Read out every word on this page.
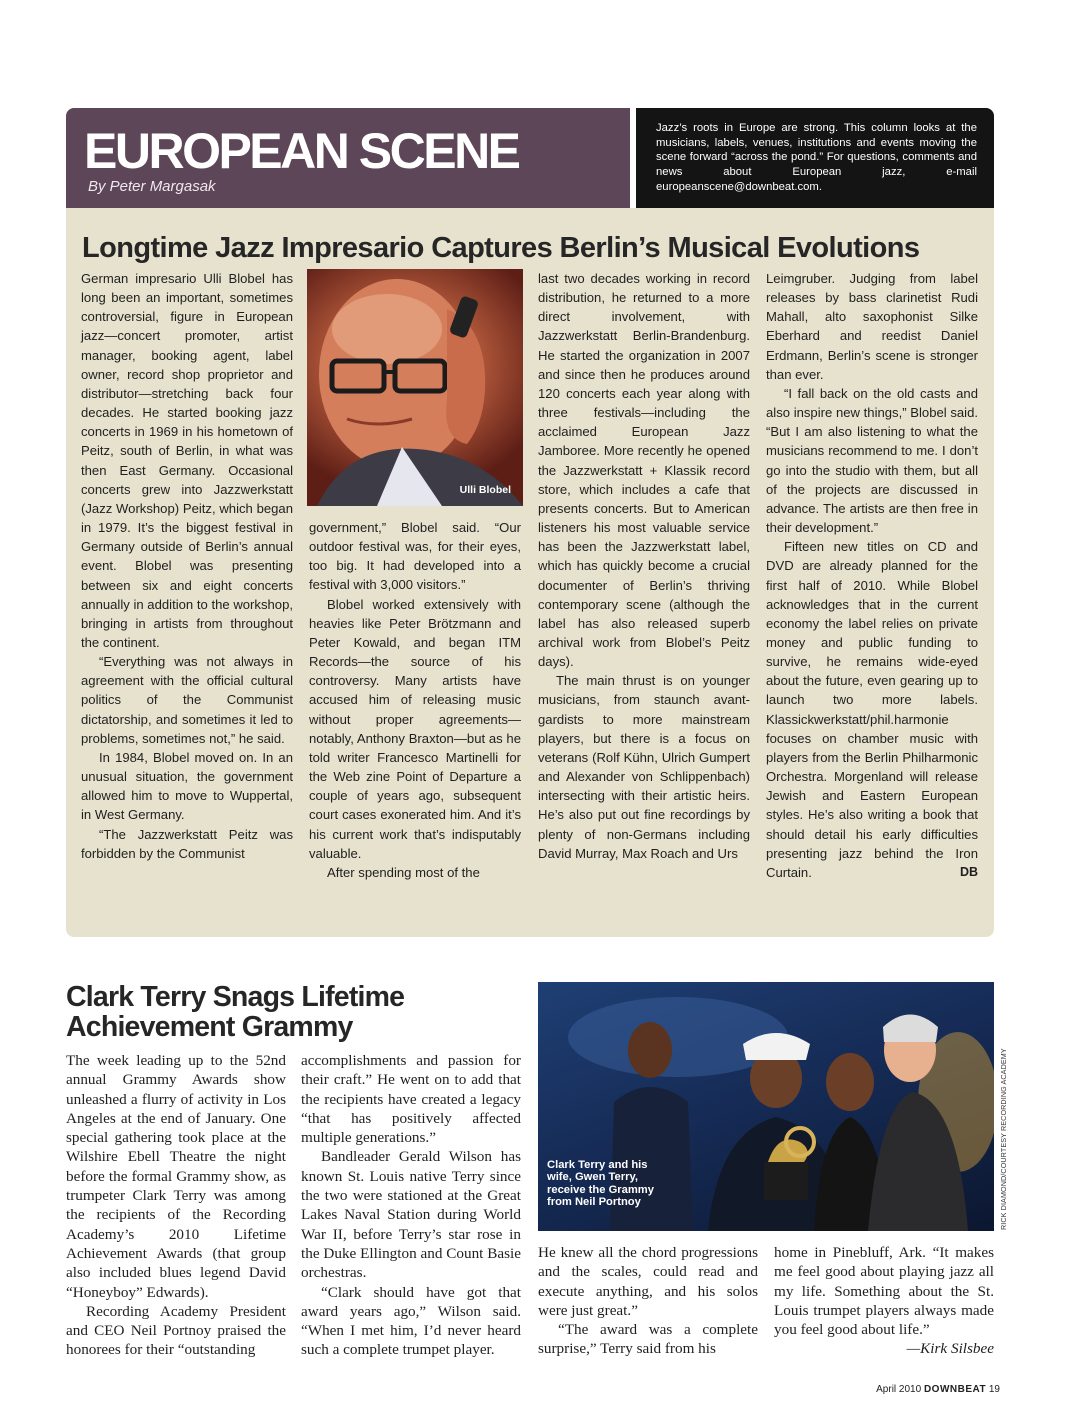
EUROPEAN SCENE
By Peter Margasak

Jazz’s roots in Europe are strong. This column looks at the musicians, labels, venues, institutions and events moving the scene forward “across the pond.” For questions, comments and news about European jazz, e-mail europeanscene@downbeat.com.

Longtime Jazz Impresario Captures Berlin’s Musical Evolutions

German impresario Ulli Blobel has long been an important, sometimes controversial, figure in European jazz—concert promoter, artist manager, booking agent, label owner, record shop proprietor and distributor—stretching back four decades. He started booking jazz concerts in 1969 in his hometown of Peitz, south of Berlin, in what was then East Germany. Occasional concerts grew into Jazzwerkstatt (Jazz Workshop) Peitz, which began in 1979. It’s the biggest festival in Germany outside of Berlin’s annual event. Blobel was presenting between six and eight concerts annually in addition to the workshop, bringing in artists from throughout the continent.

“Everything was not always in agreement with the official cultural politics of the Communist dictatorship, and sometimes it led to problems, sometimes not,” he said.

In 1984, Blobel moved on. In an unusual situation, the government allowed him to move to Wuppertal, in West Germany.

“The Jazzwerkstatt Peitz was forbidden by the Communist

Ulli Blobel

government,” Blobel said. “Our outdoor festival was, for their eyes, too big. It had developed into a festival with 3,000 visitors.”

Blobel worked extensively with heavies like Peter Brötzmann and Peter Kowald, and began ITM Records—the source of his controversy. Many artists have accused him of releasing music without proper agreements—notably, Anthony Braxton—but as he told writer Francesco Martinelli for the Web zine Point of Departure a couple of years ago, subsequent court cases exonerated him. And it’s his current work that’s indisputably valuable.

After spending most of the

last two decades working in record distribution, he returned to a more direct involvement, with Jazzwerkstatt Berlin-Brandenburg. He started the organization in 2007 and since then he produces around 120 concerts each year along with three festivals—including the acclaimed European Jazz Jamboree. More recently he opened the Jazzwerkstatt + Klassik record store, which includes a cafe that presents concerts. But to American listeners his most valuable service has been the Jazzwerkstatt label, which has quickly become a crucial documenter of Berlin’s thriving contemporary scene (although the label has also released superb archival work from Blobel’s Peitz days).

The main thrust is on younger musicians, from staunch avant-gardists to more mainstream players, but there is a focus on veterans (Rolf Kühn, Ulrich Gumpert and Alexander von Schlippenbach) intersecting with their artistic heirs. He’s also put out fine recordings by plenty of non-Germans including David Murray, Max Roach and Urs

Leimgruber. Judging from label releases by bass clarinetist Rudi Mahall, alto saxophonist Silke Eberhard and reedist Daniel Erdmann, Berlin’s scene is stronger than ever.

“I fall back on the old casts and also inspire new things,” Blobel said. “But I am also listening to what the musicians recommend to me. I don’t go into the studio with them, but all of the projects are discussed in advance. The artists are then free in their development.”

Fifteen new titles on CD and DVD are already planned for the first half of 2010. While Blobel acknowledges that in the current economy the label relies on private money and public funding to survive, he remains wide-eyed about the future, even gearing up to launch two more labels. Klassickwerkstatt/phil.harmonie focuses on chamber music with players from the Berlin Philharmonic Orchestra. Morgenland will release Jewish and Eastern European styles. He’s also writing a book that should detail his early difficulties presenting jazz behind the Iron Curtain.	DB

Clark Terry Snags Lifetime Achievement Grammy

The week leading up to the 52nd annual Grammy Awards show unleashed a flurry of activity in Los Angeles at the end of January. One special gathering took place at the Wilshire Ebell Theatre the night before the formal Grammy show, as trumpeter Clark Terry was among the recipients of the Recording Academy’s 2010 Lifetime Achievement Awards (that group also included blues legend David “Honeyboy” Edwards).

Recording Academy President and CEO Neil Portnoy praised the honorees for their “outstanding

accomplishments and passion for their craft.” He went on to add that the recipients have created a legacy “that has positively affected multiple generations.”

Bandleader Gerald Wilson has known St. Louis native Terry since the two were stationed at the Great Lakes Naval Station during World War II, before Terry’s star rose in the Duke Ellington and Count Basie orchestras.

“Clark should have got that award years ago,” Wilson said. “When I met him, I’d never heard such a complete trumpet player.

Clark Terry and his wife, Gwen Terry, receive the Grammy from Neil Portnoy	RICK DIAMOND/COURTESY RECORDING ACADEMY

He knew all the chord progressions and the scales, could read and execute anything, and his solos were just great.”

“The award was a complete surprise,” Terry said from his

home in Pinebluff, Ark. “It makes me feel good about playing jazz all my life. Something about the St. Louis trumpet players always made you feel good about life.”

—Kirk Silsbee

April 2010 DOWNBEAT 19
